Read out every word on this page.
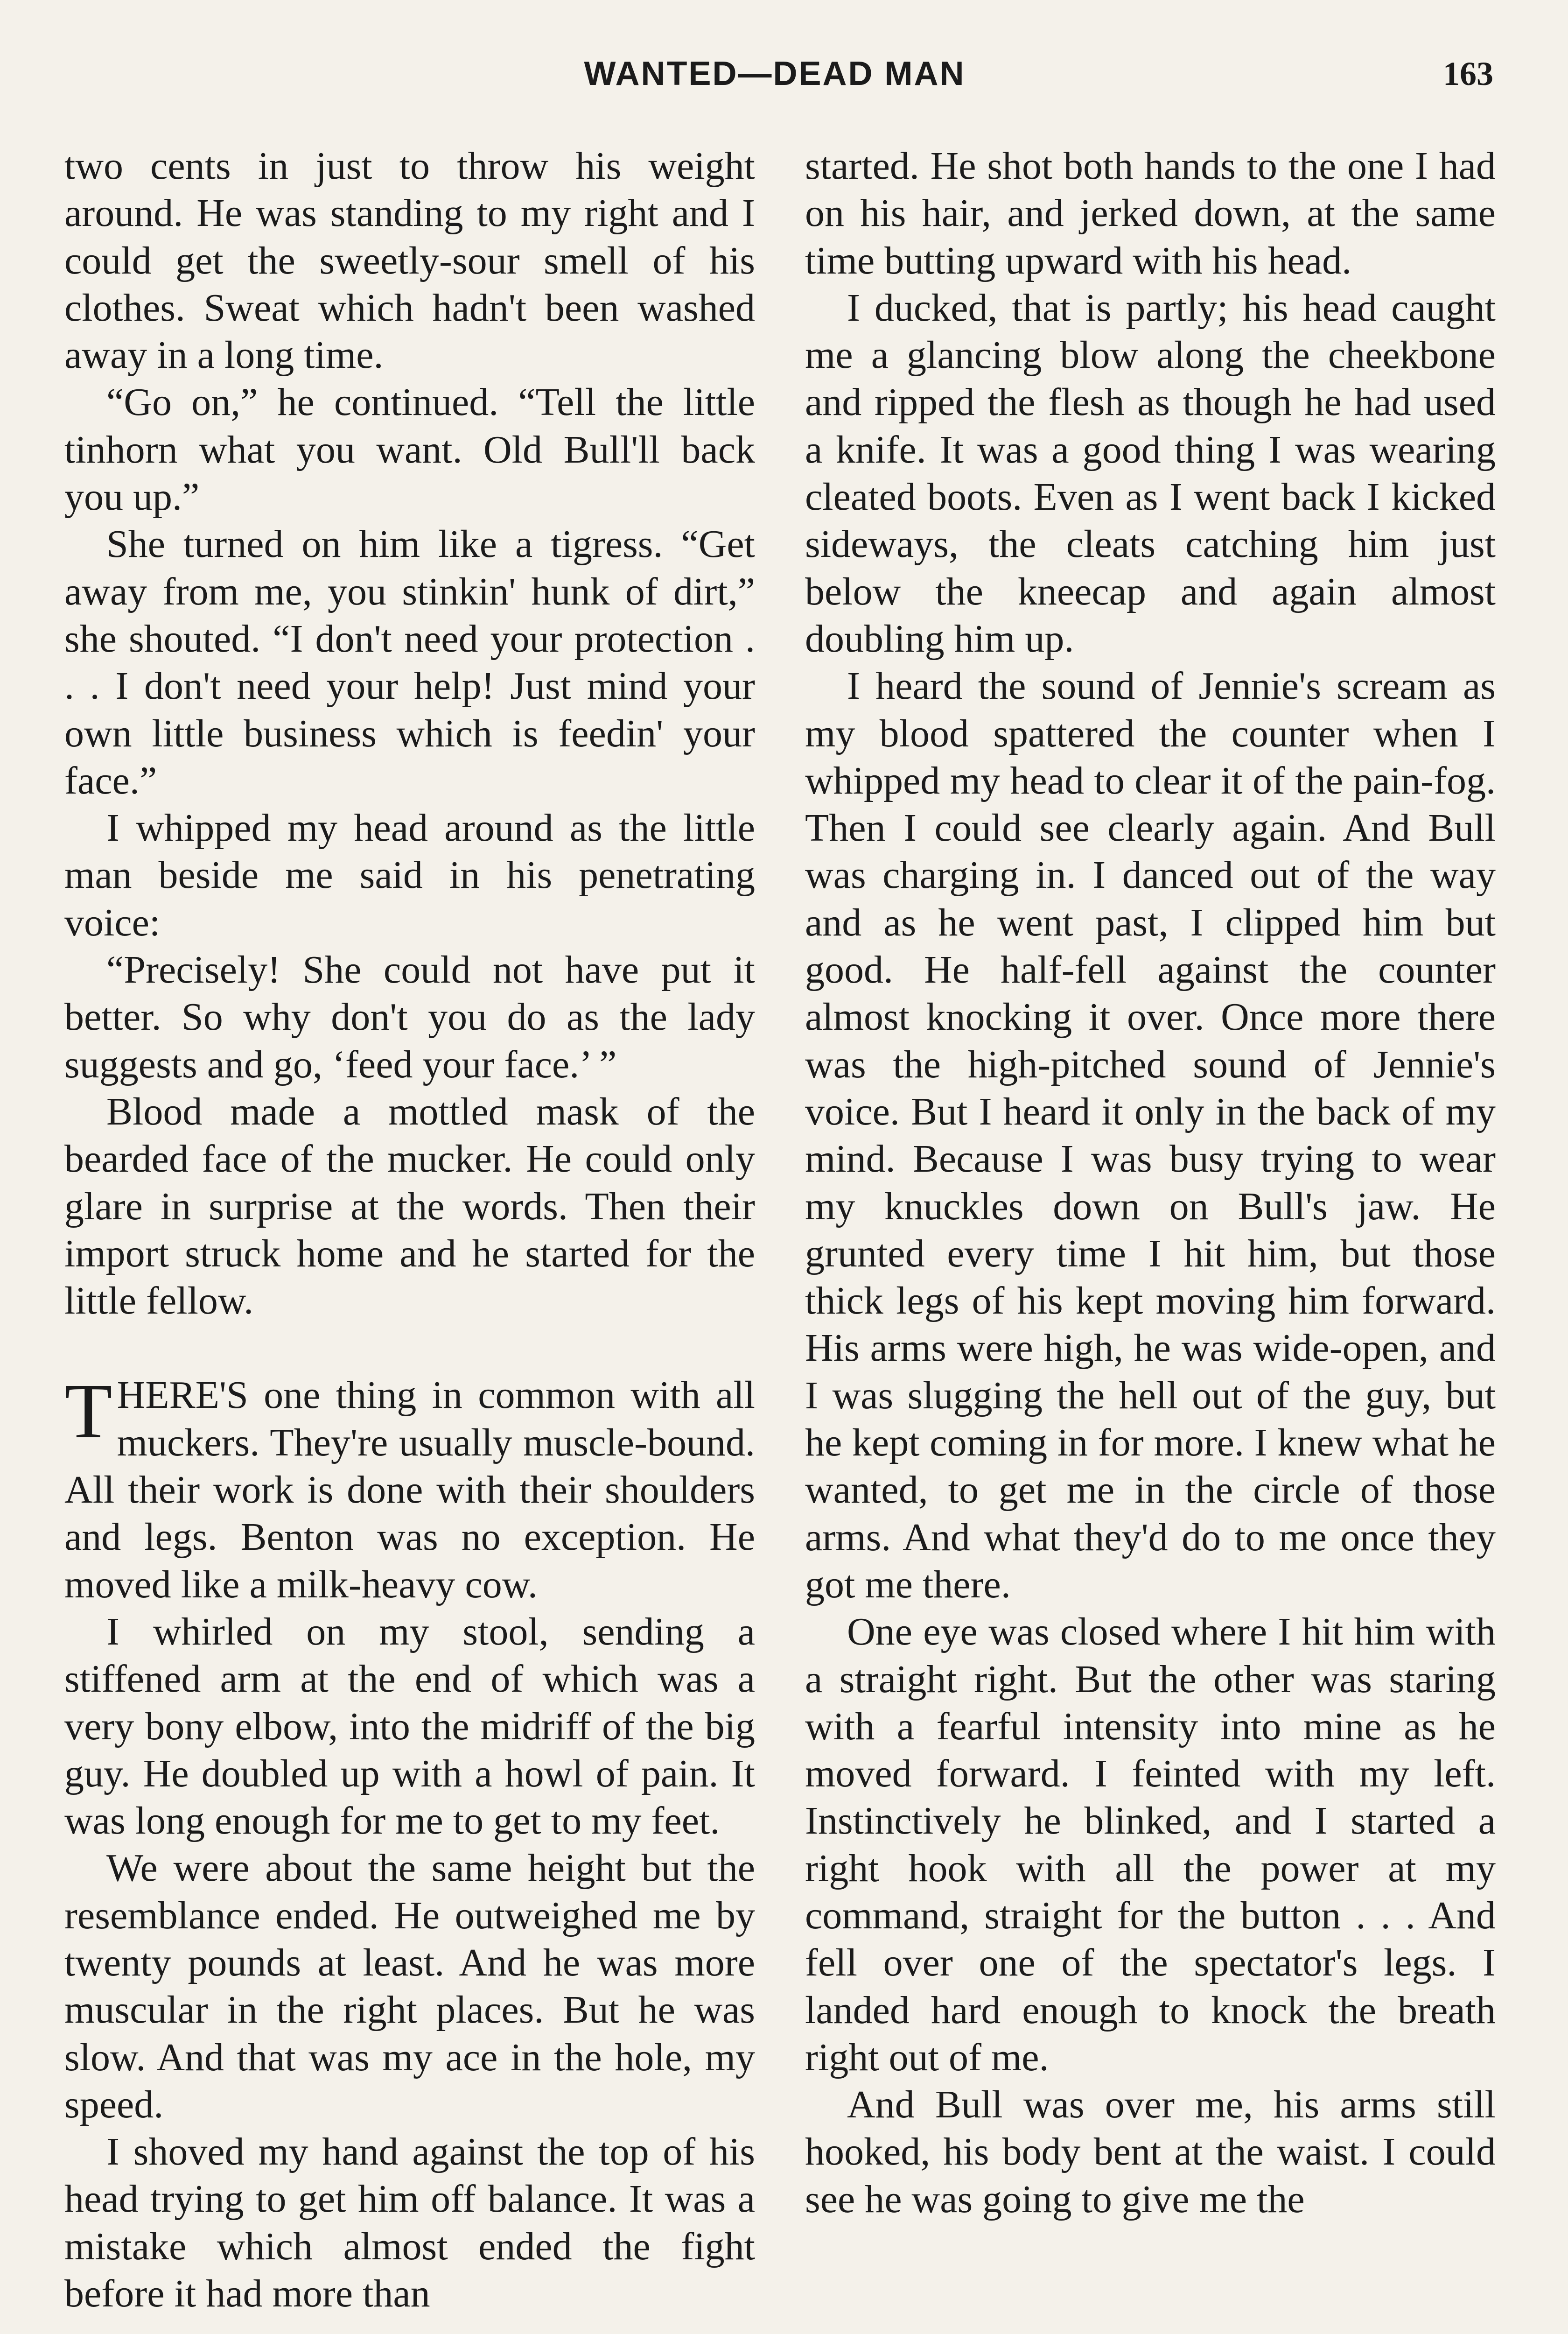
WANTED—DEAD MAN	163

two cents in just to throw his weight around. He was standing to my right and I could get the sweetly-sour smell of his clothes. Sweat which hadn't been washed away in a long time.

“Go on,” he continued. “Tell the little tinhorn what you want. Old Bull'll back you up.”

She turned on him like a tigress. “Get away from me, you stinkin' hunk of dirt,” she shouted. “I don't need your protection . . . I don't need your help! Just mind your own little business which is feedin' your face.”

I whipped my head around as the little man beside me said in his penetrating voice:

“Precisely! She could not have put it better. So why don't you do as the lady suggests and go, ‘feed your face.’ ”

Blood made a mottled mask of the bearded face of the mucker. He could only glare in surprise at the words. Then their import struck home and he started for the little fellow.

THERE'S one thing in common with all muckers. They're usually muscle-bound. All their work is done with their shoulders and legs. Benton was no exception. He moved like a milk-heavy cow.

I whirled on my stool, sending a stiffened arm at the end of which was a very bony elbow, into the midriff of the big guy. He doubled up with a howl of pain. It was long enough for me to get to my feet.

We were about the same height but the resemblance ended. He outweighed me by twenty pounds at least. And he was more muscular in the right places. But he was slow. And that was my ace in the hole, my speed.

I shoved my hand against the top of his head trying to get him off balance. It was a mistake which almost ended the fight before it had more than

started. He shot both hands to the one I had on his hair, and jerked down, at the same time butting upward with his head.

I ducked, that is partly; his head caught me a glancing blow along the cheekbone and ripped the flesh as though he had used a knife. It was a good thing I was wearing cleated boots. Even as I went back I kicked sideways, the cleats catching him just below the kneecap and again almost doubling him up.

I heard the sound of Jennie's scream as my blood spattered the counter when I whipped my head to clear it of the pain-fog. Then I could see clearly again. And Bull was charging in. I danced out of the way and as he went past, I clipped him but good. He half-fell against the counter almost knocking it over. Once more there was the high-pitched sound of Jennie's voice. But I heard it only in the back of my mind. Because I was busy trying to wear my knuckles down on Bull's jaw. He grunted every time I hit him, but those thick legs of his kept moving him forward. His arms were high, he was wide-open, and I was slugging the hell out of the guy, but he kept coming in for more. I knew what he wanted, to get me in the circle of those arms. And what they'd do to me once they got me there.

One eye was closed where I hit him with a straight right. But the other was staring with a fearful intensity into mine as he moved forward. I feinted with my left. Instinctively he blinked, and I started a right hook with all the power at my command, straight for the button . . . And fell over one of the spectator's legs. I landed hard enough to knock the breath right out of me.

And Bull was over me, his arms still hooked, his body bent at the waist. I could see he was going to give me the
